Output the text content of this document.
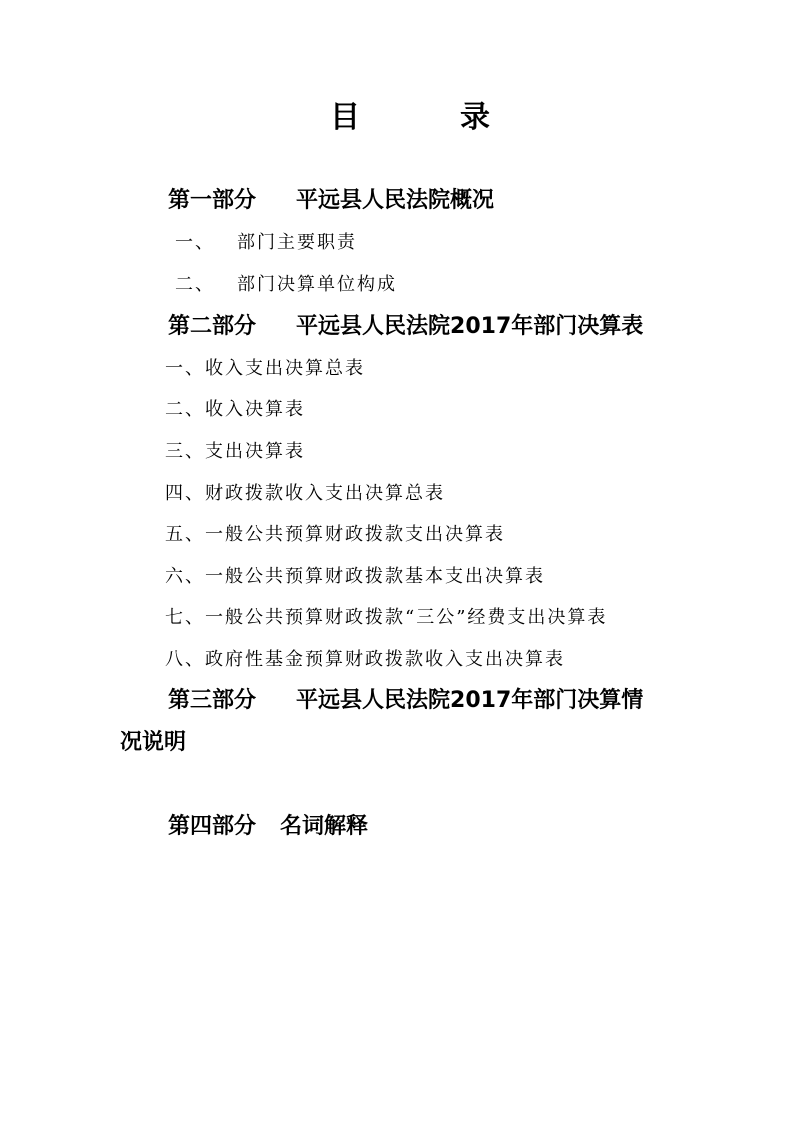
目	录
第一部分 平远县人民法院概况
一、 部门主要职责
二、 部门决算单位构成
第二部分 平远县人民法院2017年部门决算表
一、收入支出决算总表
二、收入决算表
三、支出决算表
四、财政拨款收入支出决算总表
五、一般公共预算财政拨款支出决算表
六、一般公共预算财政拨款基本支出决算表
七、一般公共预算财政拨款“三公”经费支出决算表
八、政府性基金预算财政拨款收入支出决算表
第三部分 平远县人民法院2017年部门决算情
况说明
第四部分 名词解释
